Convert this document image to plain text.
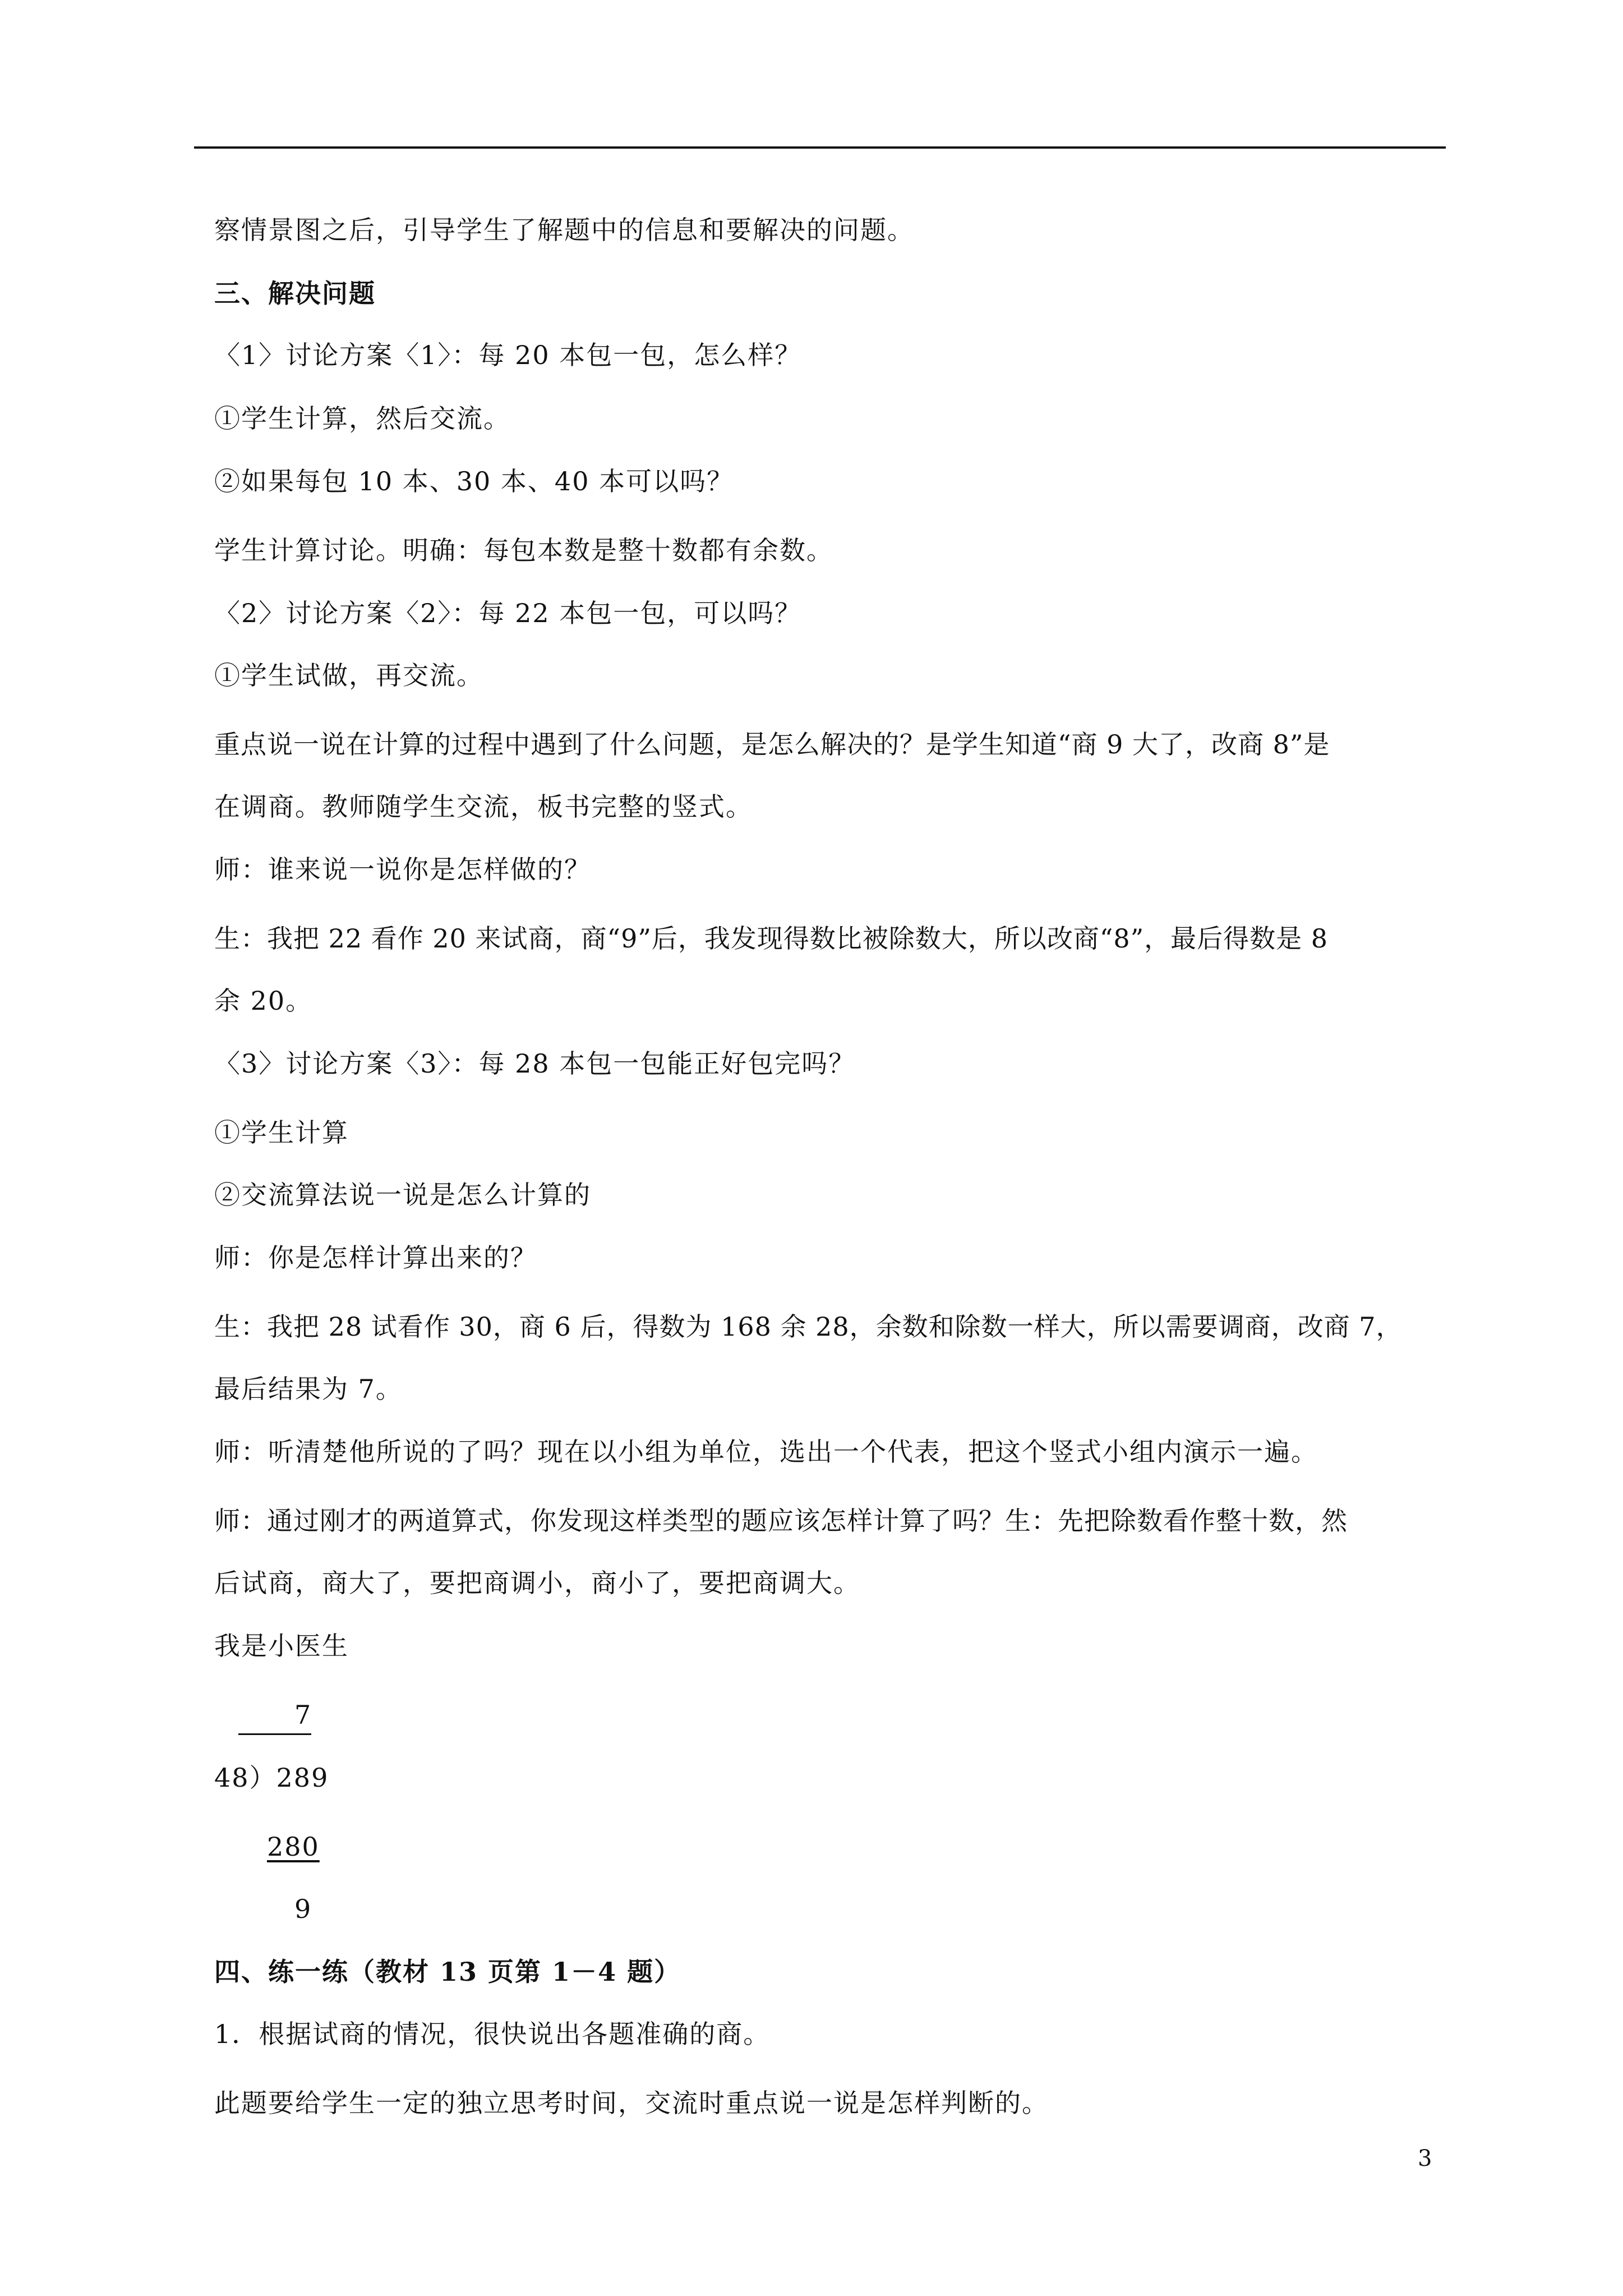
察情景图之后，引导学生了解题中的信息和要解决的问题。
三、解决问题
〈1〉讨论方案〈1〉：每 20 本包一包，怎么样？
①学生计算，然后交流。
②如果每包 10 本、30 本、40 本可以吗？
学生计算讨论。明确：每包本数是整十数都有余数。
〈2〉讨论方案〈2〉：每 22 本包一包，可以吗？
①学生试做，再交流。
重点说一说在计算的过程中遇到了什么问题，是怎么解决的？是学生知道“商 9 大了，改商 8”是
在调商。教师随学生交流，板书完整的竖式。
师：谁来说一说你是怎样做的？
生：我把 22 看作 20 来试商，商“9”后，我发现得数比被除数大，所以改商“8”，最后得数是 8
余 20。
〈3〉讨论方案〈3〉：每 28 本包一包能正好包完吗？
①学生计算
②交流算法说一说是怎么计算的
师：你是怎样计算出来的？
生：我把 28 试看作 30，商 6 后，得数为 168 余 28，余数和除数一样大，所以需要调商，改商 7，
最后结果为 7。
师：听清楚他所说的了吗？现在以小组为单位，选出一个代表，把这个竖式小组内演示一遍。
师：通过刚才的两道算式，你发现这样类型的题应该怎样计算了吗？生：先把除数看作整十数，然
后试商，商大了，要把商调小，商小了，要把商调大。
我是小医生
7
48）289
280
9
四、练一练（教材 13 页第 1－4 题）
1．根据试商的情况，很快说出各题准确的商。
此题要给学生一定的独立思考时间，交流时重点说一说是怎样判断的。
3
